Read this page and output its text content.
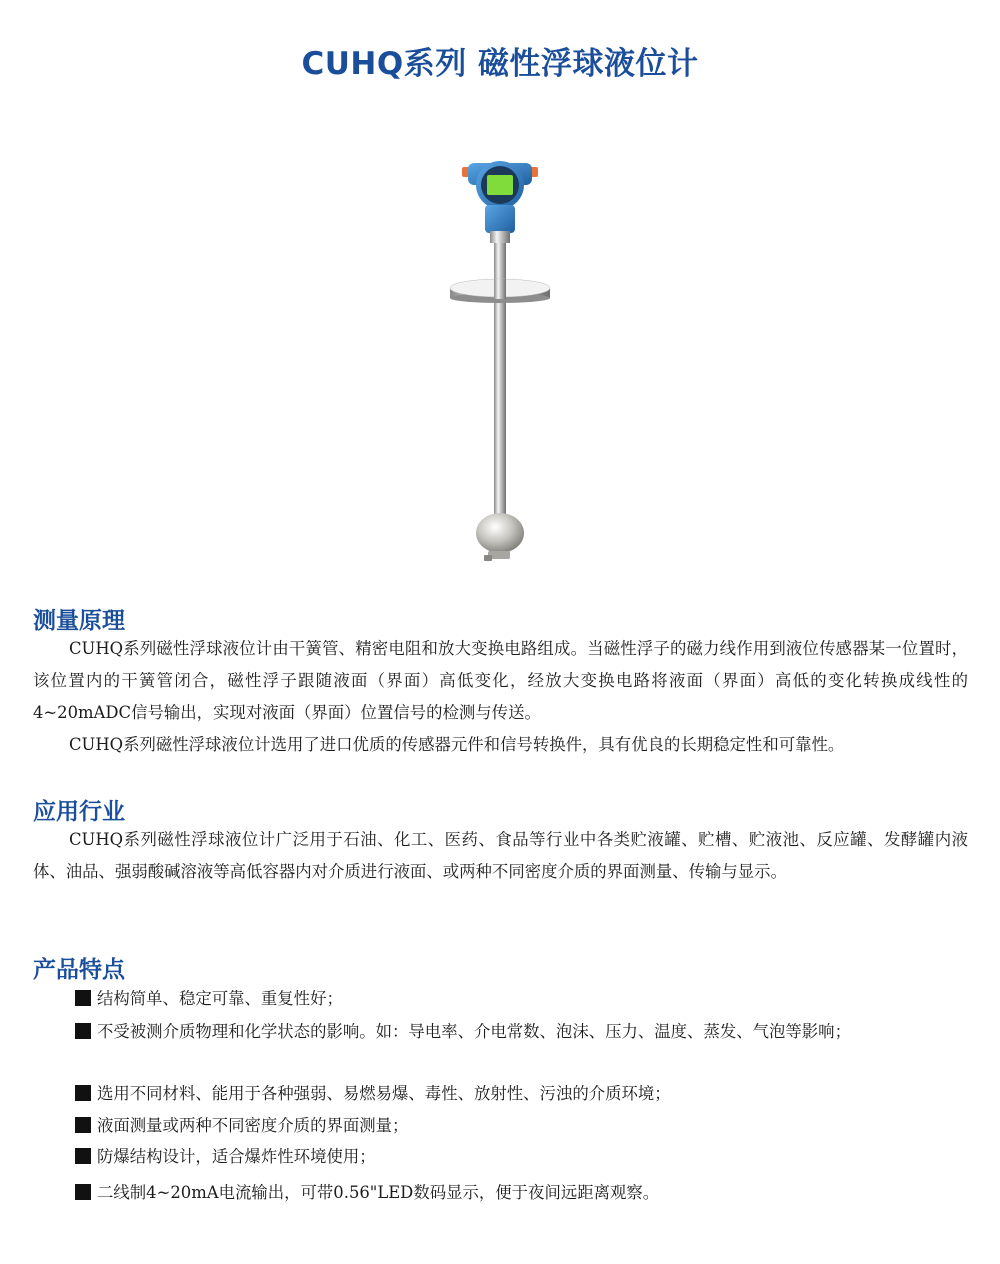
CUHQ系列 磁性浮球液位计
测量原理
CUHQ系列磁性浮球液位计由干簧管、精密电阻和放大变换电路组成。当磁性浮子的磁力线作用到液位传感器某一位置时，该位置内的干簧管闭合，磁性浮子跟随液面（界面）高低变化，经放大变换电路将液面（界面）高低的变化转换成线性的4~20mADC信号输出，实现对液面（界面）位置信号的检测与传送。
CUHQ系列磁性浮球液位计选用了进口优质的传感器元件和信号转换件，具有优良的长期稳定性和可靠性。
应用行业
CUHQ系列磁性浮球液位计广泛用于石油、化工、医药、食品等行业中各类贮液罐、贮槽、贮液池、反应罐、发酵罐内液体、油品、强弱酸碱溶液等高低容器内对介质进行液面、或两种不同密度介质的界面测量、传输与显示。
产品特点
结构简单、稳定可靠、重复性好；
不受被测介质物理和化学状态的影响。如：导电率、介电常数、泡沫、压力、温度、蒸发、气泡等影响；
选用不同材料、能用于各种强弱、易燃易爆、毒性、放射性、污浊的介质环境；
液面测量或两种不同密度介质的界面测量；
防爆结构设计，适合爆炸性环境使用；
二线制4~20mA电流输出，可带0.56"LED数码显示，便于夜间远距离观察。
